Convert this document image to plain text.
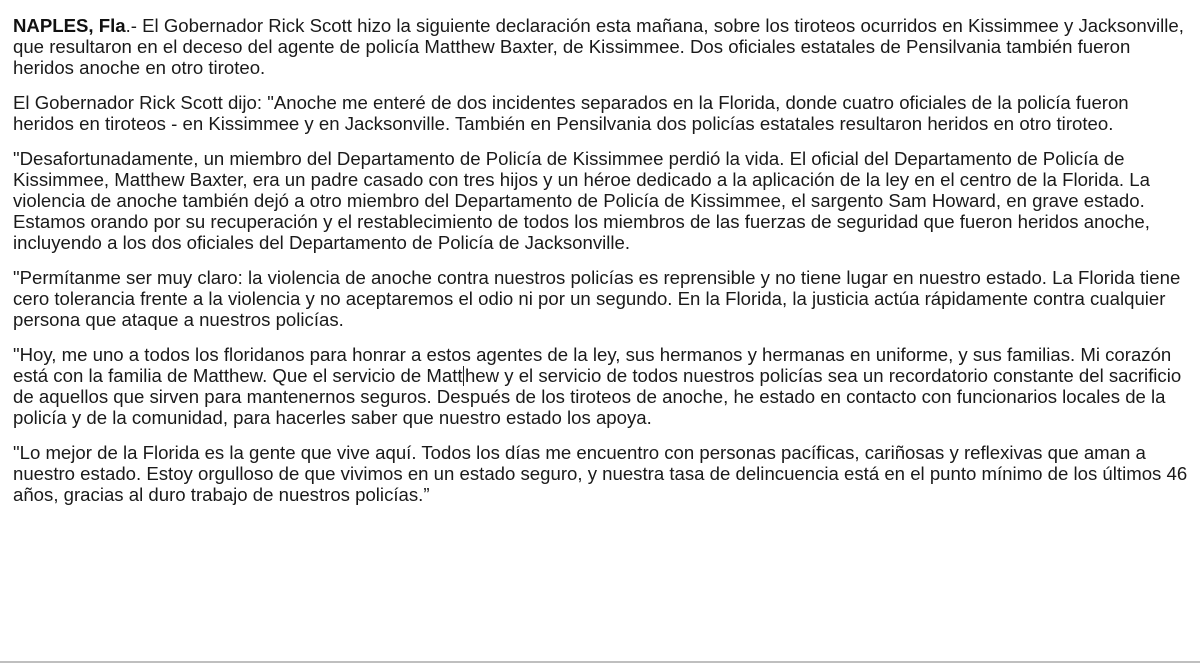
NAPLES, Fla.- El Gobernador Rick Scott hizo la siguiente declaración esta mañana, sobre los tiroteos ocurridos en Kissimmee y Jacksonville, que resultaron en el deceso del agente de policía Matthew Baxter, de Kissimmee. Dos oficiales estatales de Pensilvania también fueron heridos anoche en otro tiroteo.

El Gobernador Rick Scott dijo: "Anoche me enteré de dos incidentes separados en la Florida, donde cuatro oficiales de la policía fueron heridos en tiroteos - en Kissimmee y en Jacksonville. También en Pensilvania dos policías estatales resultaron heridos en otro tiroteo.

"Desafortunadamente, un miembro del Departamento de Policía de Kissimmee perdió la vida. El oficial del Departamento de Policía de Kissimmee, Matthew Baxter, era un padre casado con tres hijos y un héroe dedicado a la aplicación de la ley en el centro de la Florida. La violencia de anoche también dejó a otro miembro del Departamento de Policía de Kissimmee, el sargento Sam Howard, en grave estado. Estamos orando por su recuperación y el restablecimiento de todos los miembros de las fuerzas de seguridad que fueron heridos anoche, incluyendo a los dos oficiales del Departamento de Policía de Jacksonville.

"Permítanme ser muy claro: la violencia de anoche contra nuestros policías es reprensible y no tiene lugar en nuestro estado. La Florida tiene cero tolerancia frente a la violencia y no aceptaremos el odio ni por un segundo. En la Florida, la justicia actúa rápidamente contra cualquier persona que ataque a nuestros policías.

"Hoy, me uno a todos los floridanos para honrar a estos agentes de la ley, sus hermanos y hermanas en uniforme, y sus familias. Mi corazón está con la familia de Matthew. Que el servicio de Matt hew y el servicio de todos nuestros policías sea un recordatorio constante del sacrificio de aquellos que sirven para mantenernos seguros. Después de los tiroteos de anoche, he estado en contacto con funcionarios locales de la policía y de la comunidad, para hacerles saber que nuestro estado los apoya.

"Lo mejor de la Florida es la gente que vive aquí. Todos los días me encuentro con personas pacíficas, cariñosas y reflexivas que aman a nuestro estado. Estoy orgulloso de que vivimos en un estado seguro, y nuestra tasa de delincuencia está en el punto mínimo de los últimos 46 años, gracias al duro trabajo de nuestros policías.”
